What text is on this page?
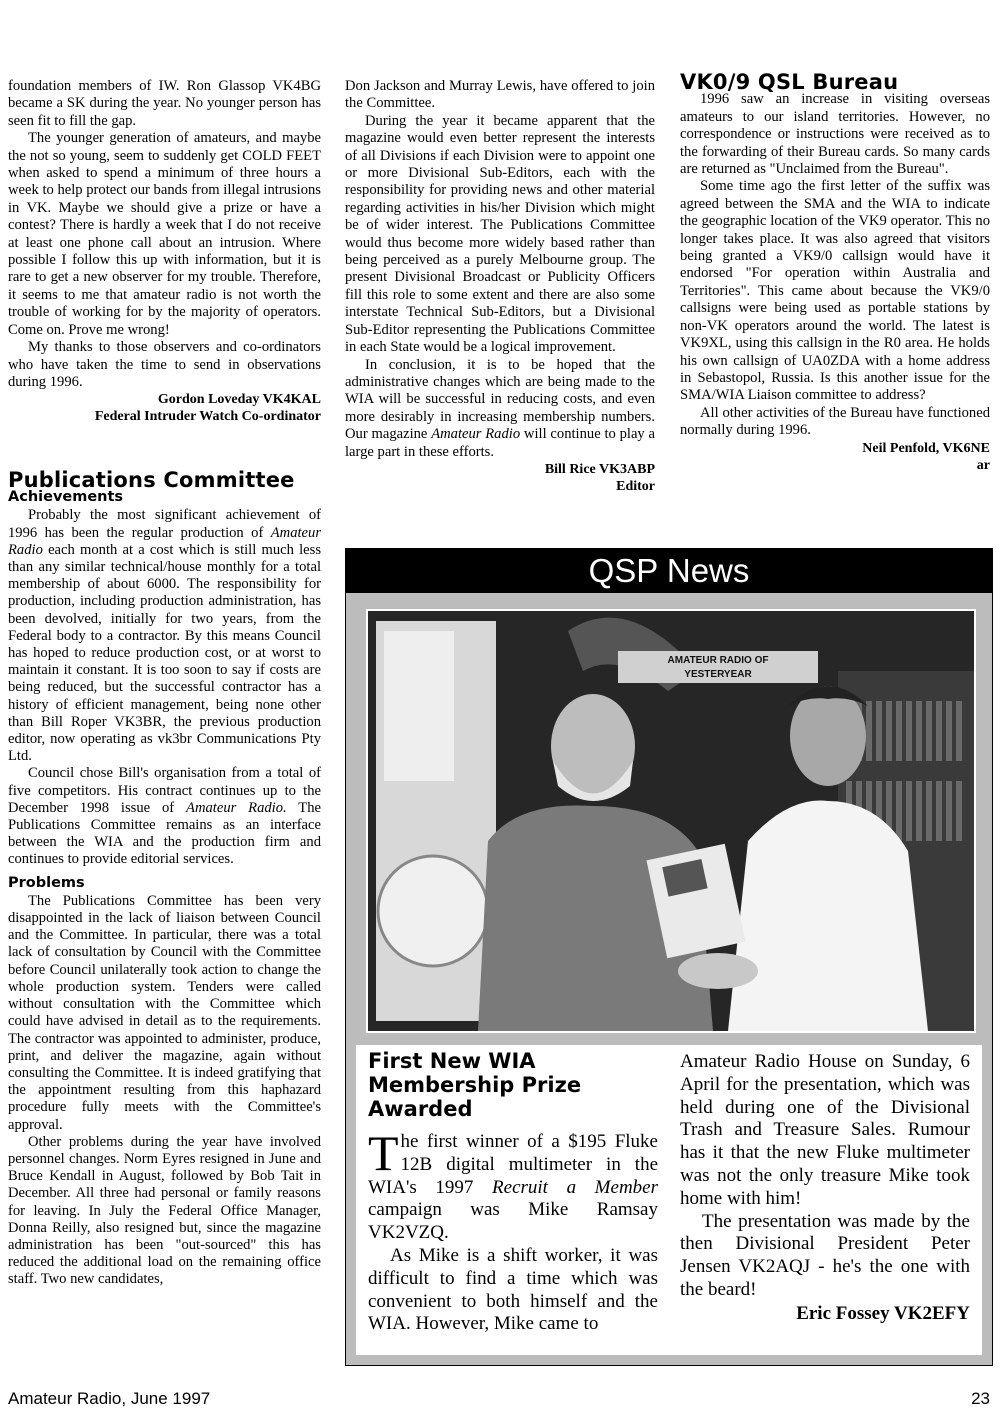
foundation members of IW. Ron Glassop VK4BG became a SK during the year. No younger person has seen fit to fill the gap.

The younger generation of amateurs, and maybe the not so young, seem to suddenly get COLD FEET when asked to spend a minimum of three hours a week to help protect our bands from illegal intrusions in VK. Maybe we should give a prize or have a contest? There is hardly a week that I do not receive at least one phone call about an intrusion. Where possible I follow this up with information, but it is rare to get a new observer for my trouble. Therefore, it seems to me that amateur radio is not worth the trouble of working for by the majority of operators. Come on. Prove me wrong!

My thanks to those observers and co-ordinators who have taken the time to send in observations during 1996.

Gordon Loveday VK4KAL
Federal Intruder Watch Co-ordinator
Publications Committee
Achievements

Probably the most significant achievement of 1996 has been the regular production of Amateur Radio each month at a cost which is still much less than any similar technical/house monthly for a total membership of about 6000. The responsibility for production, including production administration, has been devolved, initially for two years, from the Federal body to a contractor. By this means Council has hoped to reduce production cost, or at worst to maintain it constant. It is too soon to say if costs are being reduced, but the successful contractor has a history of efficient management, being none other than Bill Roper VK3BR, the previous production editor, now operating as vk3br Communications Pty Ltd.

Council chose Bill's organisation from a total of five competitors. His contract continues up to the December 1998 issue of Amateur Radio. The Publications Committee remains as an interface between the WIA and the production firm and continues to provide editorial services.

Problems

The Publications Committee has been very disappointed in the lack of liaison between Council and the Committee. In particular, there was a total lack of consultation by Council with the Committee before Council unilaterally took action to change the whole production system. Tenders were called without consultation with the Committee which could have advised in detail as to the requirements. The contractor was appointed to administer, produce, print, and deliver the magazine, again without consulting the Committee. It is indeed gratifying that the appointment resulting from this haphazard procedure fully meets with the Committee's approval.

Other problems during the year have involved personnel changes. Norm Eyres resigned in June and Bruce Kendall in August, followed by Bob Tait in December. All three had personal or family reasons for leaving. In July the Federal Office Manager, Donna Reilly, also resigned but, since the magazine administration has been "out-sourced" this has reduced the additional load on the remaining office staff. Two new candidates,

Don Jackson and Murray Lewis, have offered to join the Committee.

During the year it became apparent that the magazine would even better represent the interests of all Divisions if each Division were to appoint one or more Divisional Sub-Editors, each with the responsibility for providing news and other material regarding activities in his/her Division which might be of wider interest. The Publications Committee would thus become more widely based rather than being perceived as a purely Melbourne group. The present Divisional Broadcast or Publicity Officers fill this role to some extent and there are also some interstate Technical Sub-Editors, but a Divisional Sub-Editor representing the Publications Committee in each State would be a logical improvement.

In conclusion, it is to be hoped that the administrative changes which are being made to the WIA will be successful in reducing costs, and even more desirably in increasing membership numbers. Our magazine Amateur Radio will continue to play a large part in these efforts.

Bill Rice VK3ABP
Editor
VK0/9 QSL Bureau

1996 saw an increase in visiting overseas amateurs to our island territories. However, no correspondence or instructions were received as to the forwarding of their Bureau cards. So many cards are returned as "Unclaimed from the Bureau".

Some time ago the first letter of the suffix was agreed between the SMA and the WIA to indicate the geographic location of the VK9 operator. This no longer takes place. It was also agreed that visitors being granted a VK9/0 callsign would have it endorsed "For operation within Australia and Territories". This came about because the VK9/0 callsigns were being used as portable stations by non-VK operators around the world. The latest is VK9XL, using this callsign in the R0 area. He holds his own callsign of UA0ZDA with a home address in Sebastopol, Russia. Is this another issue for the SMA/WIA Liaison committee to address?

All other activities of the Bureau have functioned normally during 1996.

Neil Penfold, VK6NE
ar
QSP News
AMATEUR RADIO OF
YESTERYEAR
First New WIA Membership Prize Awarded

The first winner of a $195 Fluke 12B digital multimeter in the WIA's 1997 Recruit a Member campaign was Mike Ramsay VK2VZQ.

As Mike is a shift worker, it was difficult to find a time which was convenient to both himself and the WIA. However, Mike came to

Amateur Radio House on Sunday, 6 April for the presentation, which was held during one of the Divisional Trash and Treasure Sales. Rumour has it that the new Fluke multimeter was not the only treasure Mike took home with him!

The presentation was made by the then Divisional President Peter Jensen VK2AQJ - he's the one with the beard!

Eric Fossey VK2EFY
Amateur Radio, June 1997	23
